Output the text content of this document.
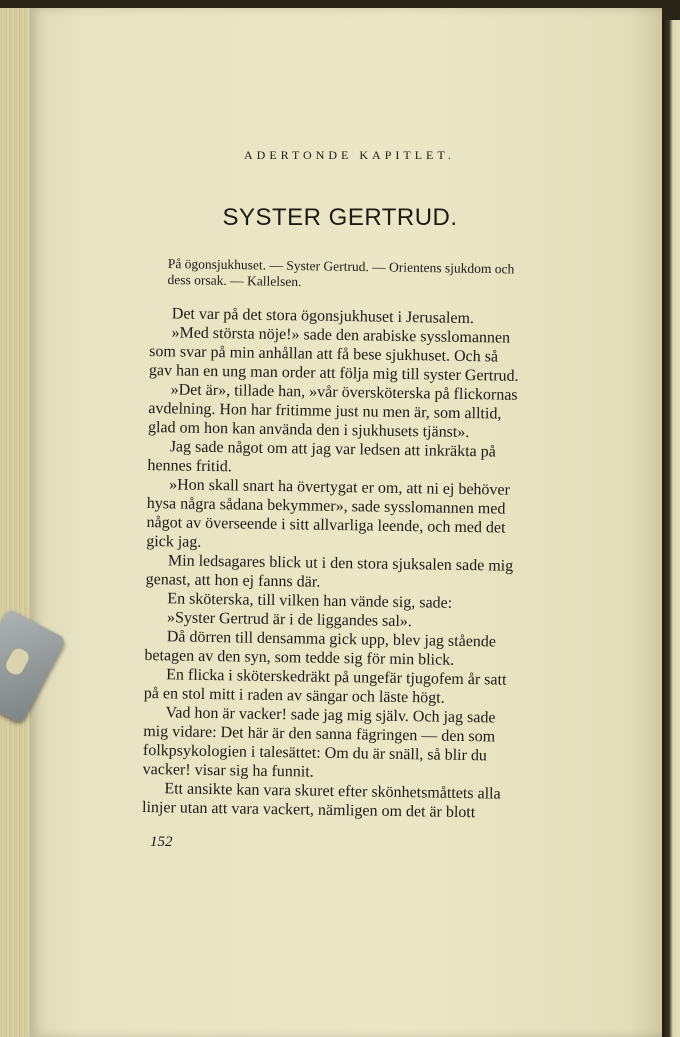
ADERTONDE KAPITLET.
SYSTER GERTRUD.
På ögonsjukhuset. — Syster Gertrud. — Orientens sjukdom och
dess orsak. — Kallelsen.
Det var på det stora ögonsjukhuset i Jerusalem.
»Med största nöje!» sade den arabiske sysslomannen
som svar på min anhållan att få bese sjukhuset. Och så
gav han en ung man order att följa mig till syster Gertrud.
»Det är», tillade han, »vår översköterska på flickornas
avdelning. Hon har fritimme just nu men är, som alltid,
glad om hon kan använda den i sjukhusets tjänst».
Jag sade något om att jag var ledsen att inkräkta på
hennes fritid.
»Hon skall snart ha övertygat er om, att ni ej behöver
hysa några sådana bekymmer», sade sysslomannen med
något av överseende i sitt allvarliga leende, och med det
gick jag.
Min ledsagares blick ut i den stora sjuksalen sade mig
genast, att hon ej fanns där.
En sköterska, till vilken han vände sig, sade:
»Syster Gertrud är i de liggandes sal».
Då dörren till densamma gick upp, blev jag stående
betagen av den syn, som tedde sig för min blick.
En flicka i sköterskedräkt på ungefär tjugofem år satt
på en stol mitt i raden av sängar och läste högt.
Vad hon är vacker! sade jag mig själv. Och jag sade
mig vidare: Det här är den sanna fägringen — den som
folkpsykologien i talesättet: Om du är snäll, så blir du
vacker! visar sig ha funnit.
Ett ansikte kan vara skuret efter skönhetsmåttets alla
linjer utan att vara vackert, nämligen om det är blott
152
